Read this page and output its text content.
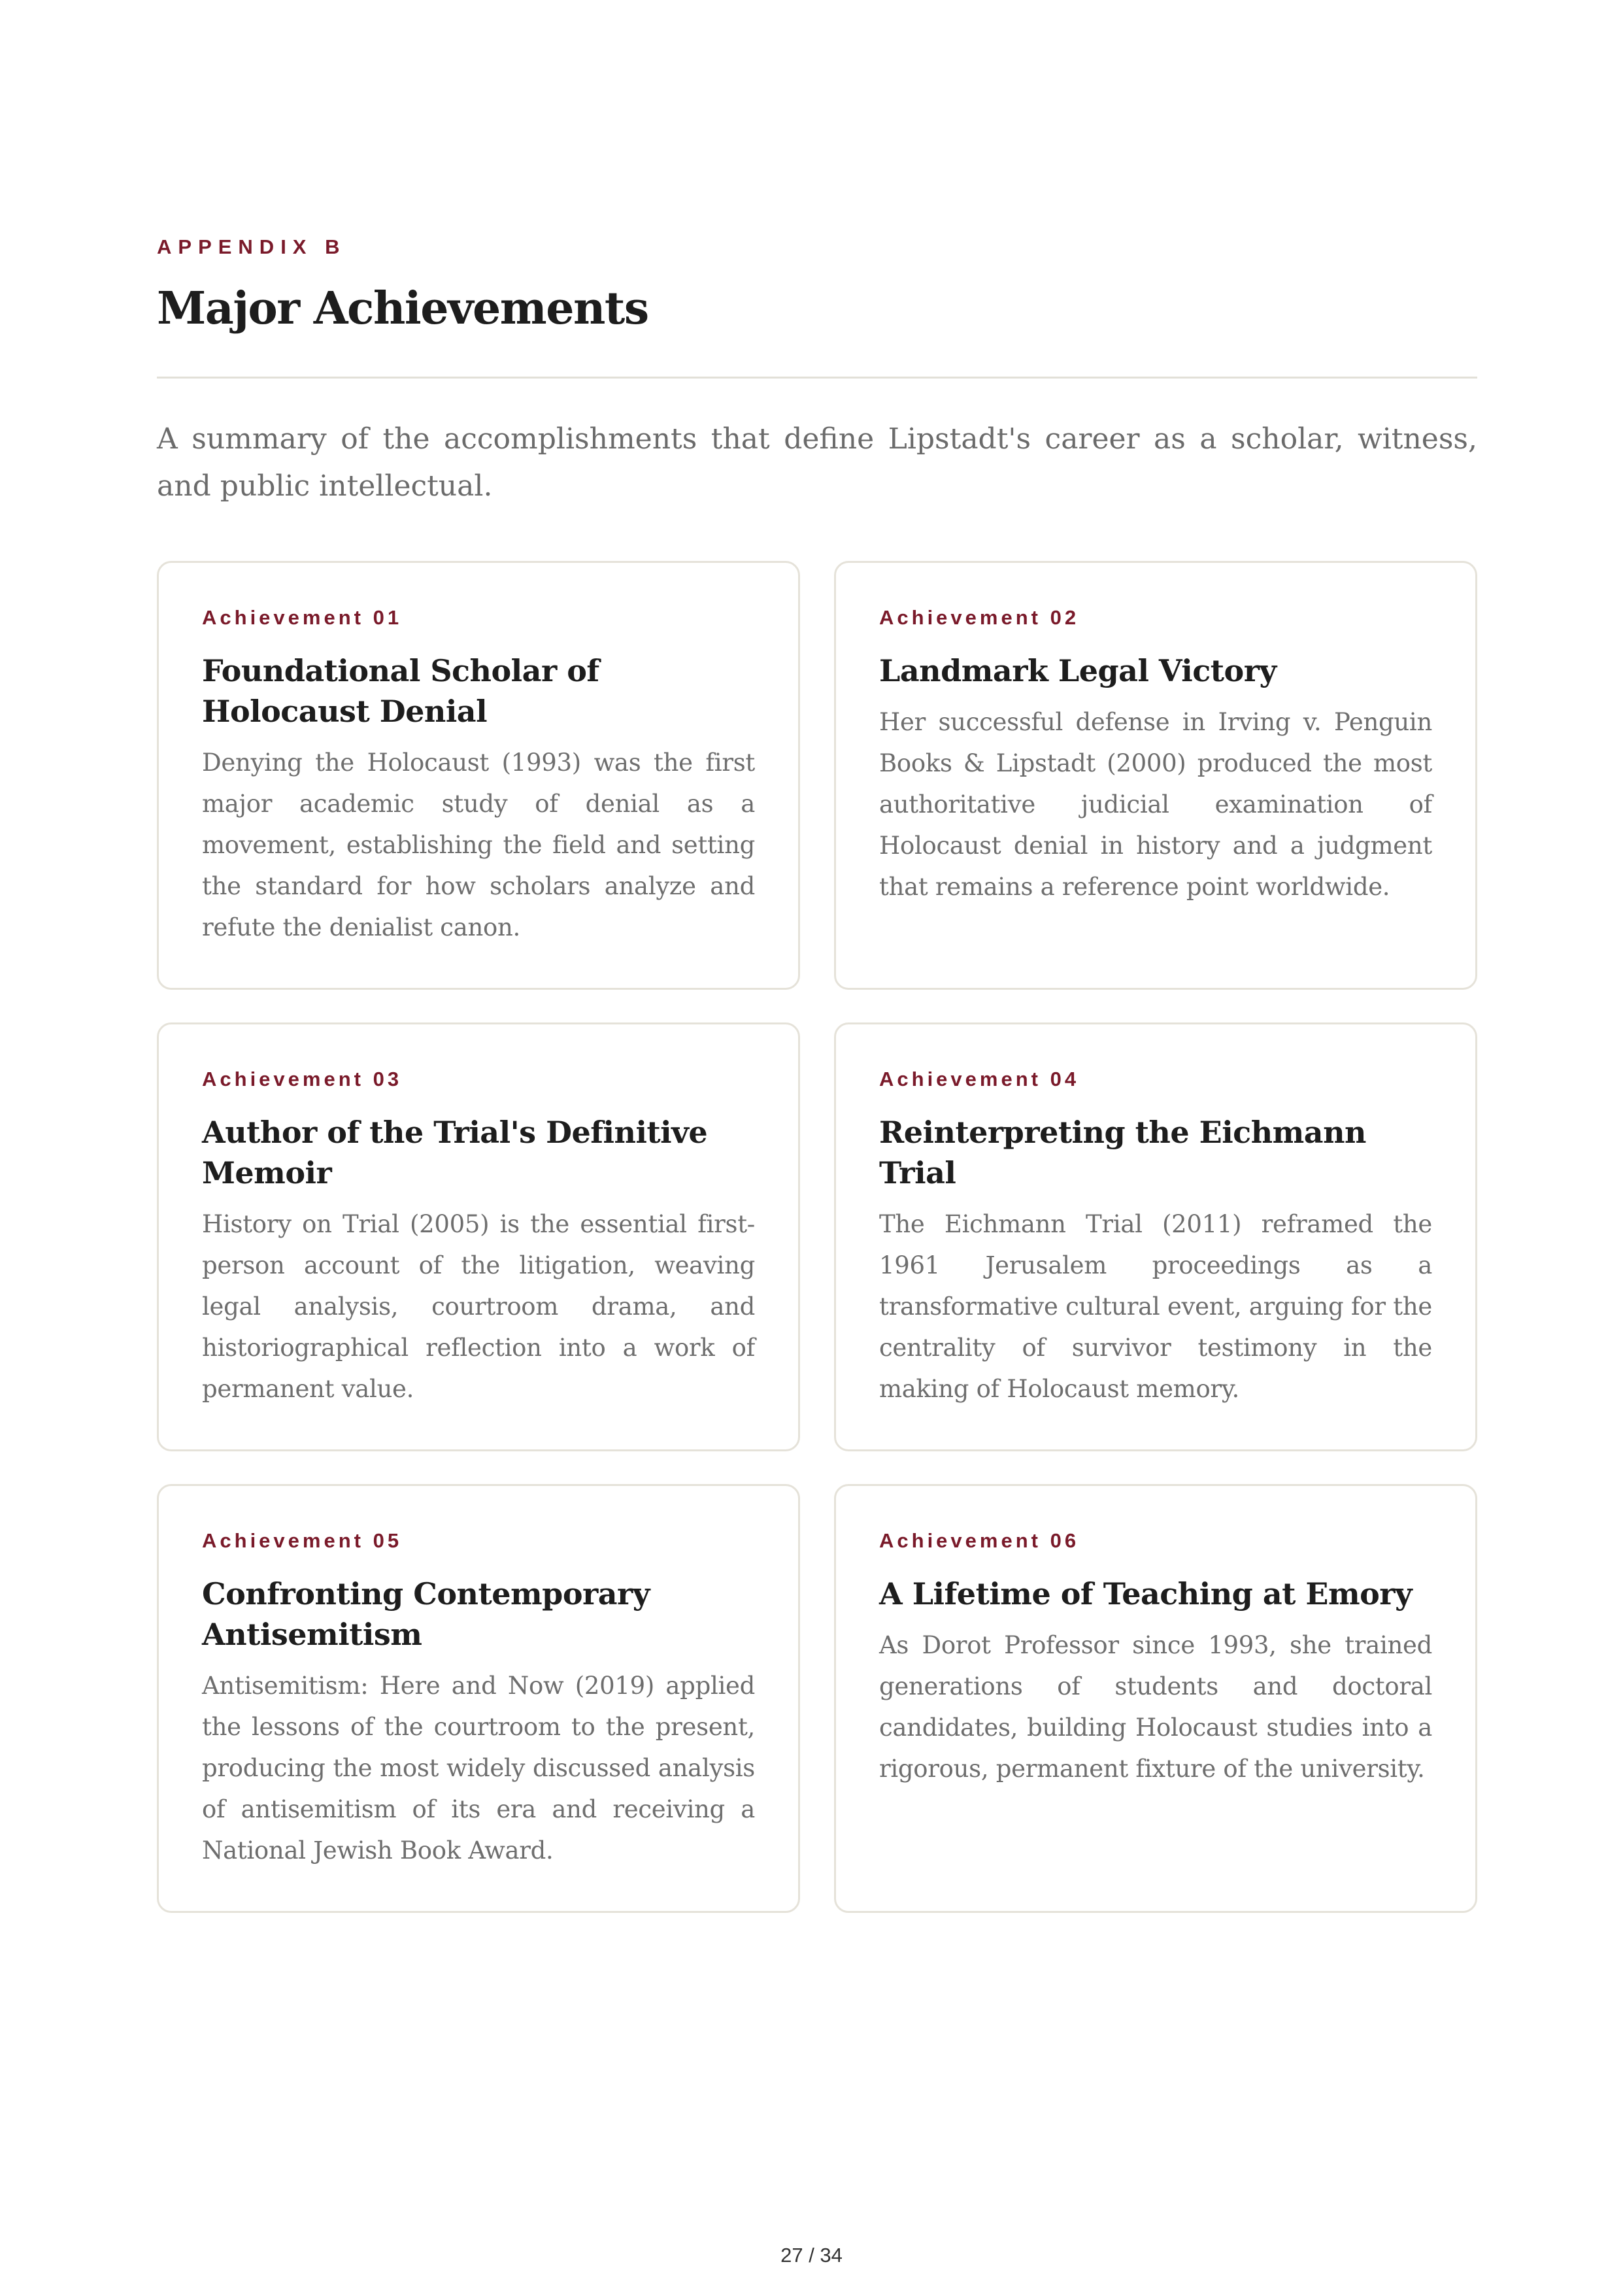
APPENDIX B
Major Achievements

A summary of the accomplishments that define Lipstadt's career as a scholar, witness, and public intellectual.

Achievement 01
Foundational Scholar of Holocaust Denial

Denying the Holocaust (1993) was the first major academic study of denial as a movement, establishing the field and setting the standard for how scholars analyze and refute the denialist canon.

Achievement 02
Landmark Legal Victory

Her successful defense in Irving v. Penguin Books & Lipstadt (2000) produced the most authoritative judicial examination of Holocaust denial in history and a judgment that remains a reference point worldwide.

Achievement 03
Author of the Trial's Definitive Memoir

History on Trial (2005) is the essential first-person account of the litigation, weaving legal analysis, courtroom drama, and historiographical reflection into a work of permanent value.

Achievement 04
Reinterpreting the Eichmann Trial

The Eichmann Trial (2011) reframed the 1961 Jerusalem proceedings as a transformative cultural event, arguing for the centrality of survivor testimony in the making of Holocaust memory.

Achievement 05
Confronting Contemporary Antisemitism

Antisemitism: Here and Now (2019) applied the lessons of the courtroom to the present, producing the most widely discussed analysis of antisemitism of its era and receiving a National Jewish Book Award.

Achievement 06
A Lifetime of Teaching at Emory

As Dorot Professor since 1993, she trained generations of students and doctoral candidates, building Holocaust studies into a rigorous, permanent fixture of the university.

27 / 34
